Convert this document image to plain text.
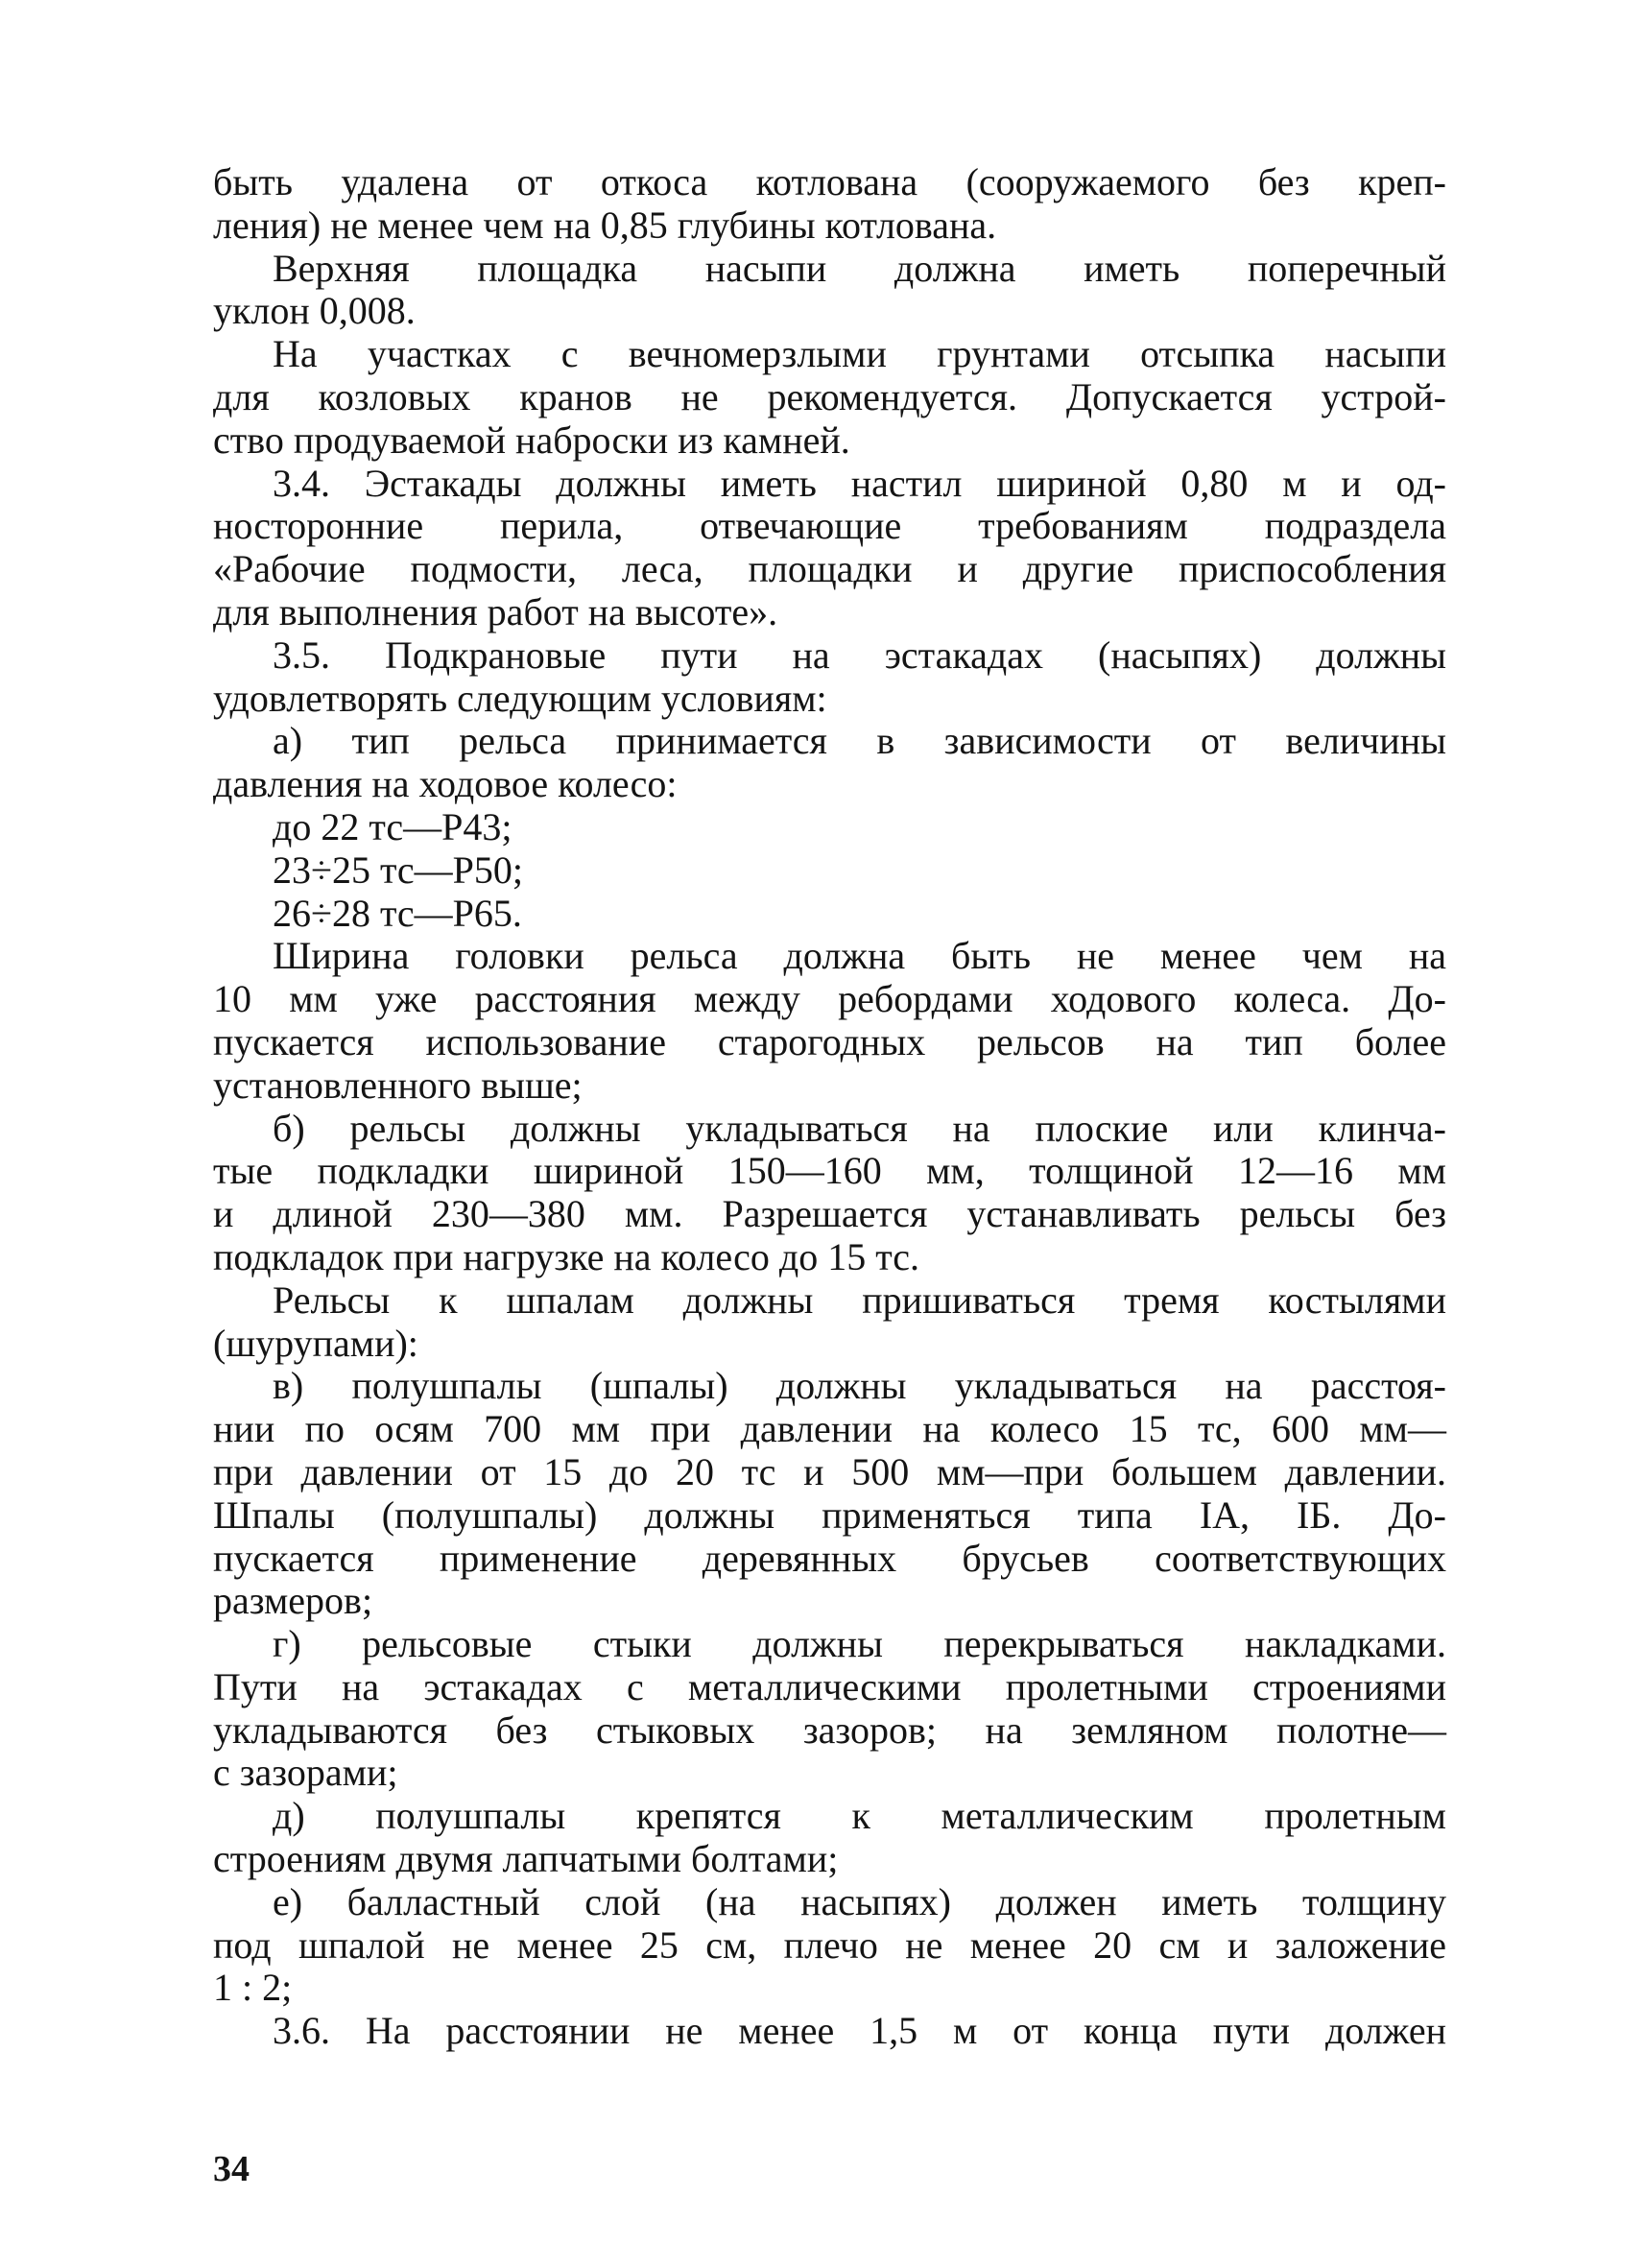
быть удалена от откоса котлована (сооружаемого без креп-
ления) не менее чем на 0,85 глубины котлована.
Верхняя площадка насыпи должна иметь поперечный
уклон 0,008.
На участках с вечномерзлыми грунтами отсыпка насыпи
для козловых кранов не рекомендуется. Допускается устрой-
ство продуваемой наброски из камней.
3.4. Эстакады должны иметь настил шириной 0,80 м и од-
носторонние перила, отвечающие требованиям подраздела
«Рабочие подмости, леса, площадки и другие приспособления
для выполнения работ на высоте».
3.5. Подкрановые пути на эстакадах (насыпях) должны
удовлетворять следующим условиям:
а) тип рельса принимается в зависимости от величины
давления на ходовое колесо:
до 22 тс—Р43;
23÷25 тс—Р50;
26÷28 тс—Р65.
Ширина головки рельса должна быть не менее чем на
10 мм уже расстояния между ребордами ходового колеса. До-
пускается использование старогодных рельсов на тип более
установленного выше;
б) рельсы должны укладываться на плоские или клинча-
тые подкладки шириной 150—160 мм, толщиной 12—16 мм
и длиной 230—380 мм. Разрешается устанавливать рельсы без
подкладок при нагрузке на колесо до 15 тс.
Рельсы к шпалам должны пришиваться тремя костылями
(шурупами):
в) полушпалы (шпалы) должны укладываться на расстоя-
нии по осям 700 мм при давлении на колесо 15 тс, 600 мм—
при давлении от 15 до 20 тс и 500 мм—при большем давлении.
Шпалы (полушпалы) должны применяться типа IA, IБ. До-
пускается применение деревянных брусьев соответствующих
размеров;
г) рельсовые стыки должны перекрываться накладками.
Пути на эстакадах с металлическими пролетными строениями
укладываются без стыковых зазоров; на земляном полотне—
с зазорами;
д) полушпалы крепятся к металлическим пролетным
строениям двумя лапчатыми болтами;
е) балластный слой (на насыпях) должен иметь толщину
под шпалой не менее 25 см, плечо не менее 20 см и заложение
1 : 2;
3.6. На расстоянии не менее 1,5 м от конца пути должен
34
